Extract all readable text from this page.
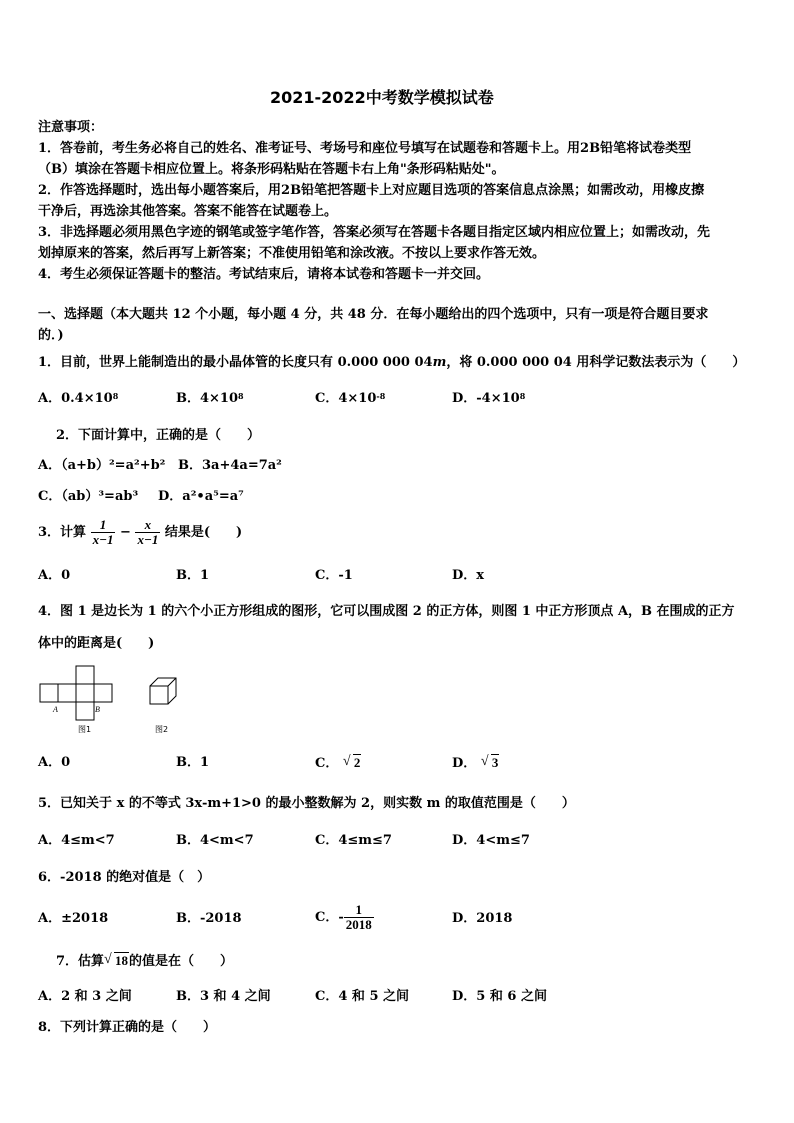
2021-2022中考数学模拟试卷
注意事项：
1．答卷前，考生务必将自己的姓名、准考证号、考场号和座位号填写在试题卷和答题卡上。用2B铅笔将试卷类型
（B）填涂在答题卡相应位置上。将条形码粘贴在答题卡右上角"条形码粘贴处"。
2．作答选择题时，选出每小题答案后，用2B铅笔把答题卡上对应题目选项的答案信息点涂黑；如需改动，用橡皮擦
干净后，再选涂其他答案。答案不能答在试题卷上。
3．非选择题必须用黑色字迹的钢笔或签字笔作答，答案必须写在答题卡各题目指定区域内相应位置上；如需改动，先
划掉原来的答案，然后再写上新答案；不准使用铅笔和涂改液。不按以上要求作答无效。
4．考生必须保证答题卡的整洁。考试结束后，请将本试卷和答题卡一并交回。
一、选择题（本大题共 12 个小题，每小题 4 分，共 48 分．在每小题给出的四个选项中，只有一项是符合题目要求
的．)
1．目前，世界上能制造出的最小晶体管的长度只有 0.000 000 04m，将 0.000 000 04 用科学记数法表示为（　　）
A．$0.4\times 10^8$	B．$4\times 10^8$	C．$4\times 10^{-8}$	D．$-4\times 10^8$
2．下面计算中，正确的是（　　）
A．（a+b）²=a²+b² B．3a+4a=7a²
C．（ab）³=ab³ D．a²•a⁵=a⁷
3．计算 $\frac{1}{x-1} - \frac{x}{x-1}$ 结果是(　　)
A．0	B．1	C．-1	D．x
4．图 1 是边长为 1 的六个小正方形组成的图形，它可以围成图 2 的正方体，则图 1 中正方形顶点 A，B 在围成的正方
体中的距离是(　　)
A	B
图1	图2
A．0	B．1	C． √ 2	D． √ 3
5．已知关于 x 的不等式 3x-m+1>0 的最小整数解为 2，则实数 m 的取值范围是（　　）
A．4≤m<7	B．4<m<7	C．4≤m≤7	D．4<m≤7
6．-2018 的绝对值是（　）
A．±2018	B．-2018	C．- $\frac{1}{2018}$	D．2018
7．估算 √ 18的值是在（　　）
A．2 和 3 之间	B．3 和 4 之间	C．4 和 5 之间	D．5 和 6 之间
8．下列计算正确的是（　　）
